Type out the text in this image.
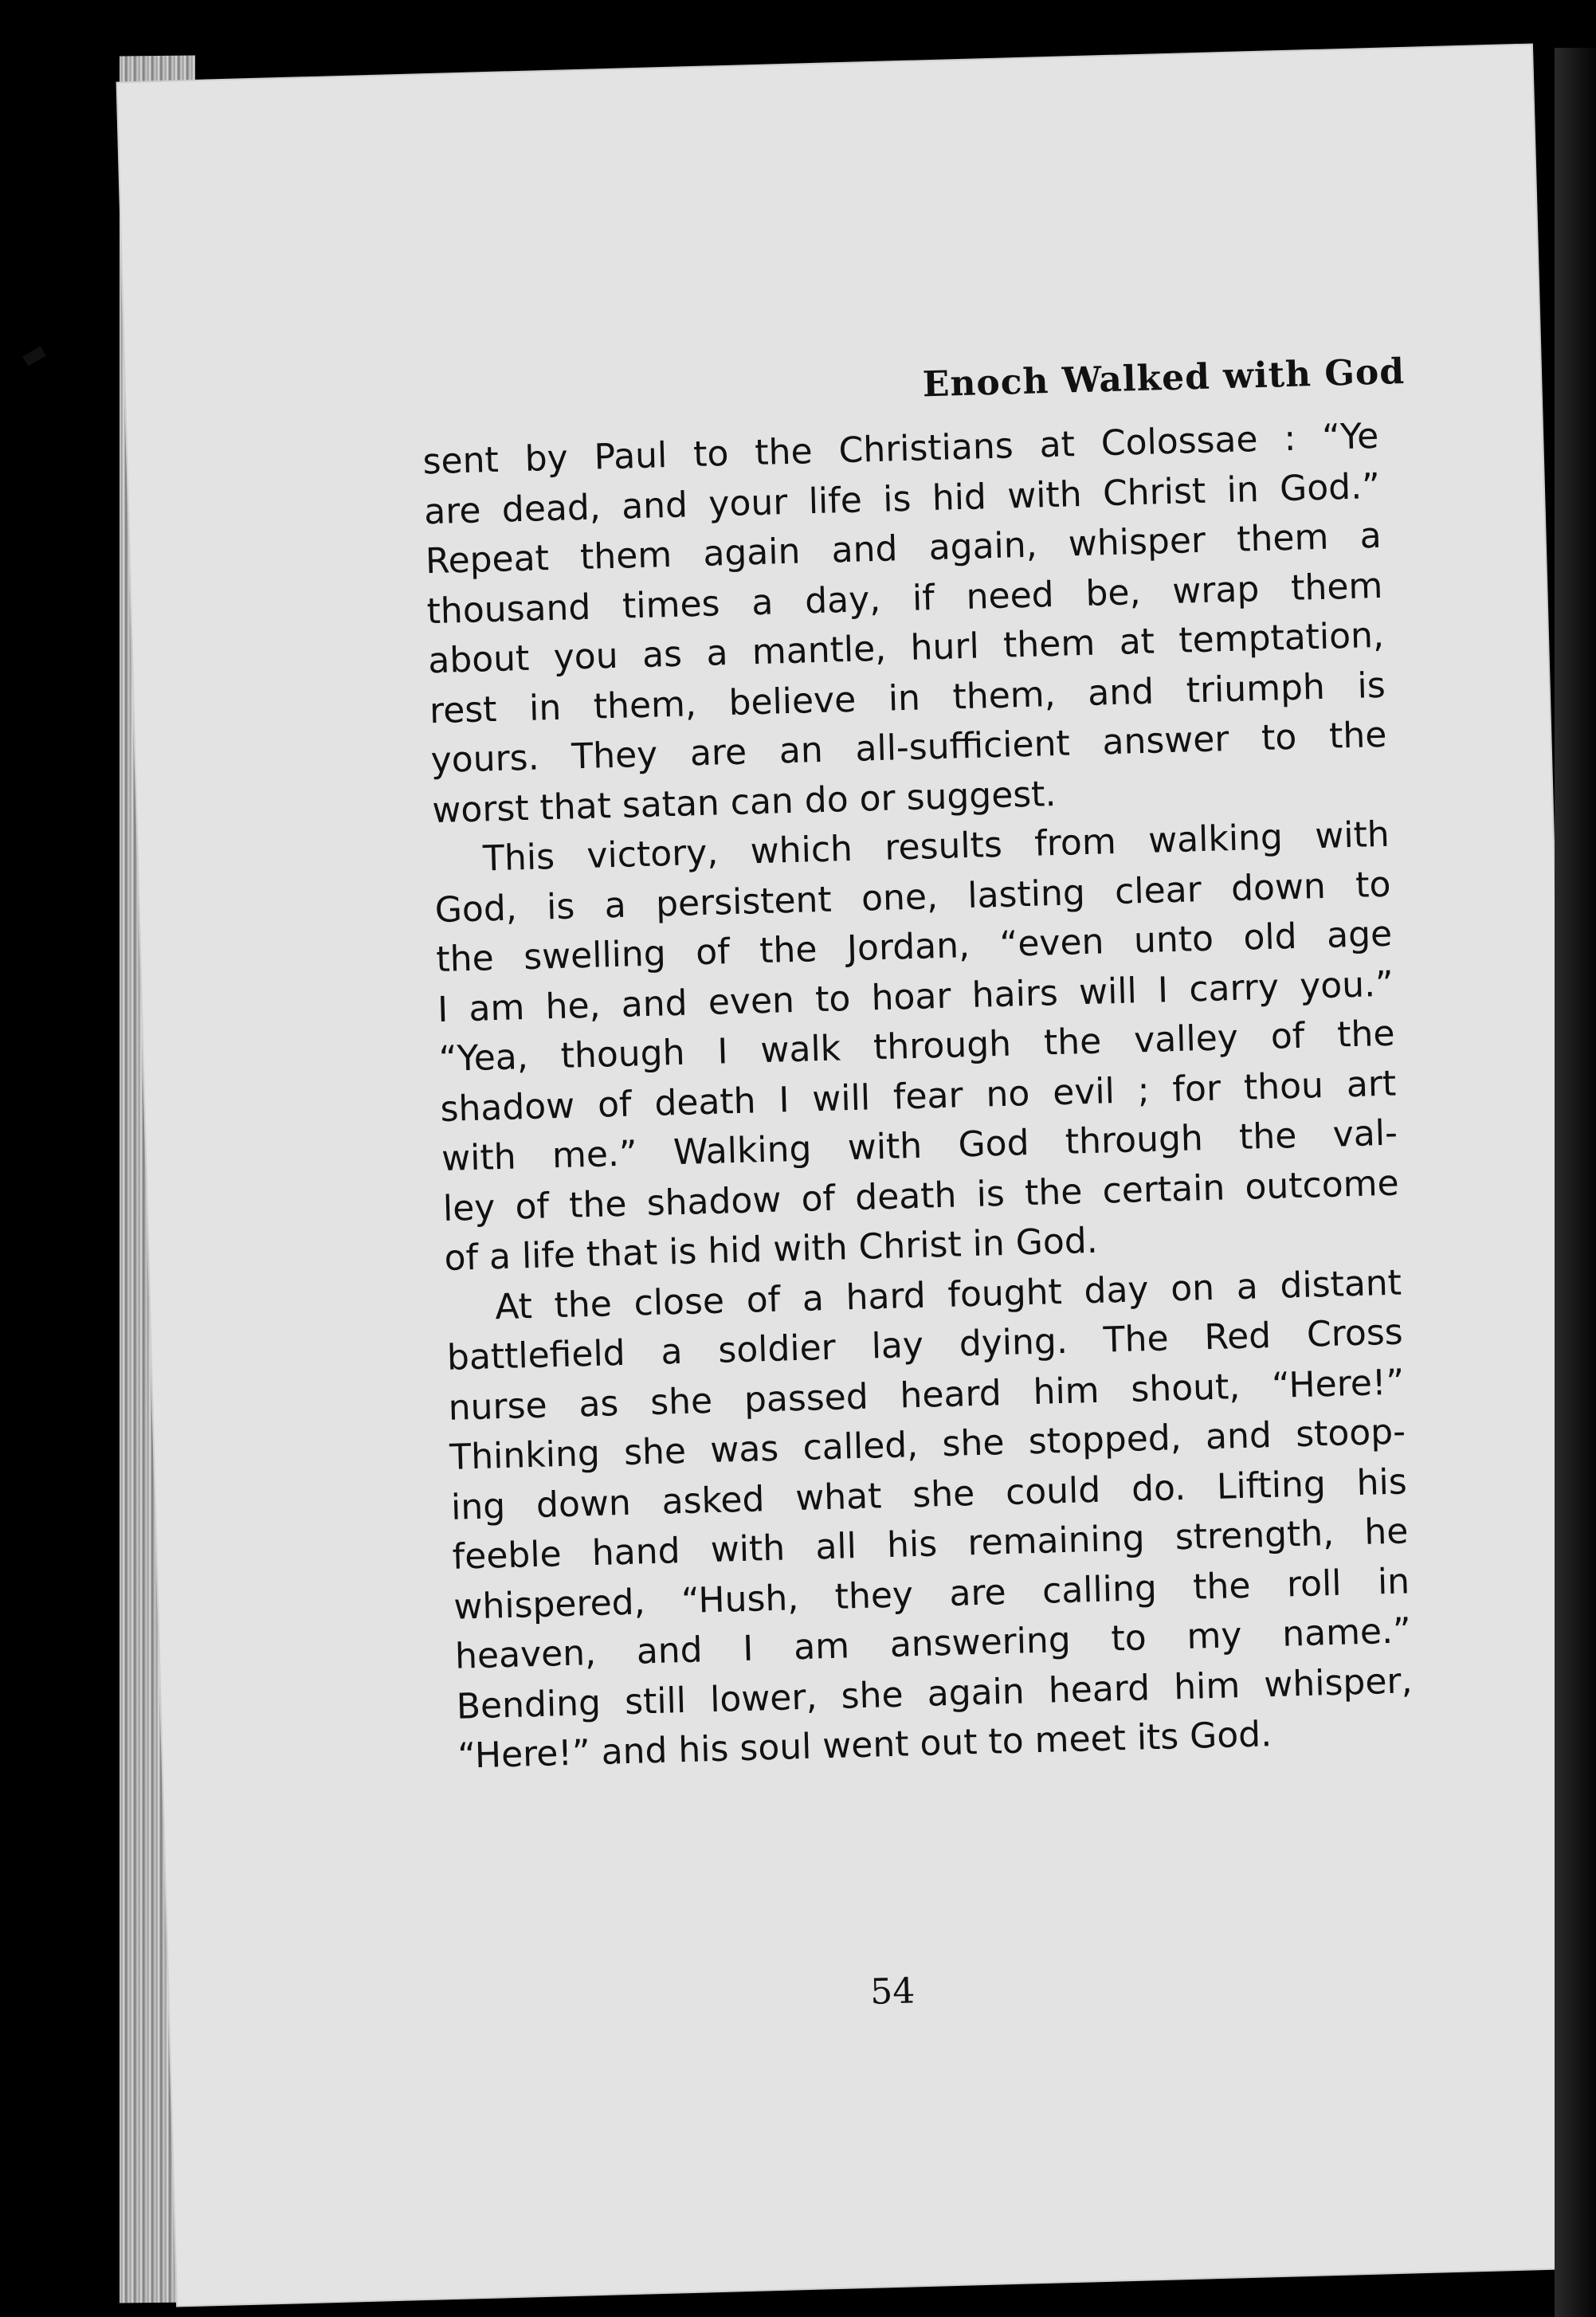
Enoch Walked with God
sent by Paul to the Christians at Colossae : “Ye
are dead, and your life is hid with Christ in God.”
Repeat them again and again, whisper them a
thousand times a day, if need be, wrap them
about you as a mantle, hurl them at temptation,
rest in them, believe in them, and triumph is
yours. They are an all-sufficient answer to the
worst that satan can do or suggest.
This victory, which results from walking with
God, is a persistent one, lasting clear down to
the swelling of the Jordan, “even unto old age
I am he, and even to hoar hairs will I carry you.”
“Yea, though I walk through the valley of the
shadow of death I will fear no evil ; for thou art
with me.” Walking with God through the val-
ley of the shadow of death is the certain outcome
of a life that is hid with Christ in God.
At the close of a hard fought day on a distant
battlefield a soldier lay dying. The Red Cross
nurse as she passed heard him shout, “Here!”
Thinking she was called, she stopped, and stoop-
ing down asked what she could do. Lifting his
feeble hand with all his remaining strength, he
whispered, “Hush, they are calling the roll in
heaven, and I am answering to my name.”
Bending still lower, she again heard him whisper,
“Here!” and his soul went out to meet its God.
54
